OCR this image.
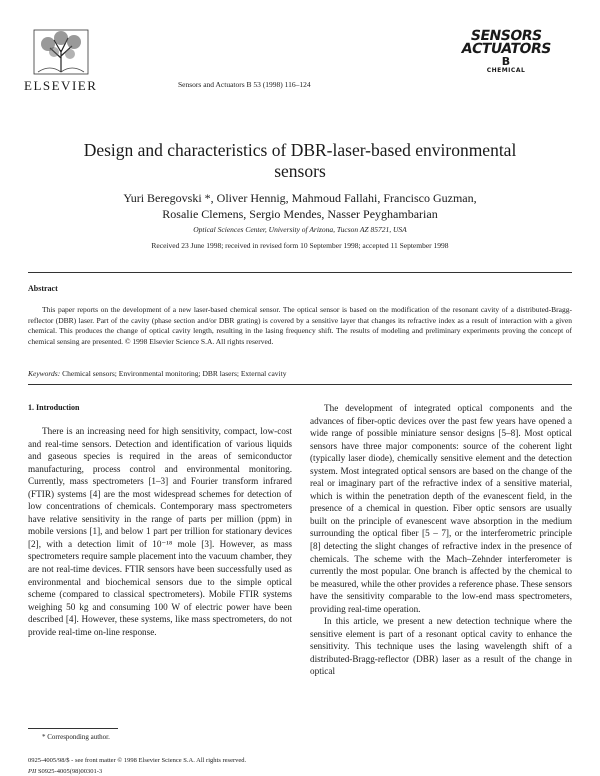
ELSEVIER	Sensors and Actuators B 53 (1998) 116–124
SENSORS
ACTUATORS
B
CHEMICAL
Design and characteristics of DBR-laser-based environmental
sensors
Yuri Beregovski *, Oliver Hennig, Mahmoud Fallahi, Francisco Guzman,
Rosalie Clemens, Sergio Mendes, Nasser Peyghambarian
Optical Sciences Center, University of Arizona, Tucson AZ 85721, USA
Received 23 June 1998; received in revised form 10 September 1998; accepted 11 September 1998
Abstract
This paper reports on the development of a new laser-based chemical sensor. The optical sensor is based on the modification of the resonant cavity of a distributed-Bragg-reflector (DBR) laser. Part of the cavity (phase section and/or DBR grating) is covered by a sensitive layer that changes its refractive index as a result of interaction with a given chemical. This produces the change of optical cavity length, resulting in the lasing frequency shift. The results of modeling and preliminary experiments proving the concept of chemical sensing are presented. © 1998 Elsevier Science S.A. All rights reserved.
Keywords: Chemical sensors; Environmental monitoring; DBR lasers; External cavity
1. Introduction

There is an increasing need for high sensitivity, compact, low-cost and real-time sensors. Detection and identification of various liquids and gaseous species is required in the areas of semiconductor manufacturing, process control and environmental monitoring. Currently, mass spectrometers [1–3] and Fourier transform infrared (FTIR) systems [4] are the most widespread schemes for detection of low concentrations of chemicals. Contemporary mass spectrometers have relative sensitivity in the range of parts per million (ppm) in mobile versions [1], and below 1 part per trillion for stationary devices [2], with a detection limit of 10⁻¹⁸ mole [3]. However, as mass spectrometers require sample placement into the vacuum chamber, they are not real-time devices. FTIR sensors have been successfully used as environmental and biochemical sensors due to the simple optical scheme (compared to classical spectrometers). Mobile FTIR systems weighing 50 kg and consuming 100 W of electric power have been described [4]. However, these systems, like mass spectrometers, do not provide real-time on-line response.

The development of integrated optical components and the advances of fiber-optic devices over the past few years have opened a wide range of possible miniature sensor designs [5–8]. Most optical sensors have three major components: source of the coherent light (typically laser diode), chemically sensitive element and the detection system. Most integrated optical sensors are based on the change of the real or imaginary part of the refractive index of a sensitive material, which is within the penetration depth of the evanescent field, in the presence of a chemical in question. Fiber optic sensors are usually built on the principle of evanescent wave absorption in the medium surrounding the optical fiber [5 – 7], or the interferometric principle [8] detecting the slight changes of refractive index in the presence of chemicals. The scheme with the Mach–Zehnder interferometer is currently the most popular. One branch is affected by the chemical to be measured, while the other provides a reference phase. These sensors have the sensitivity comparable to the low-end mass spectrometers, providing real-time operation.

In this article, we present a new detection technique where the sensitive element is part of a resonant optical cavity to enhance the sensitivity. This technique uses the lasing wavelength shift of a distributed-Bragg-reflector (DBR) laser as a result of the change in optical

* Corresponding author.
0925-4005/98/$ - see front matter © 1998 Elsevier Science S.A. All rights reserved.
PII S0925-4005(98)00301-3
